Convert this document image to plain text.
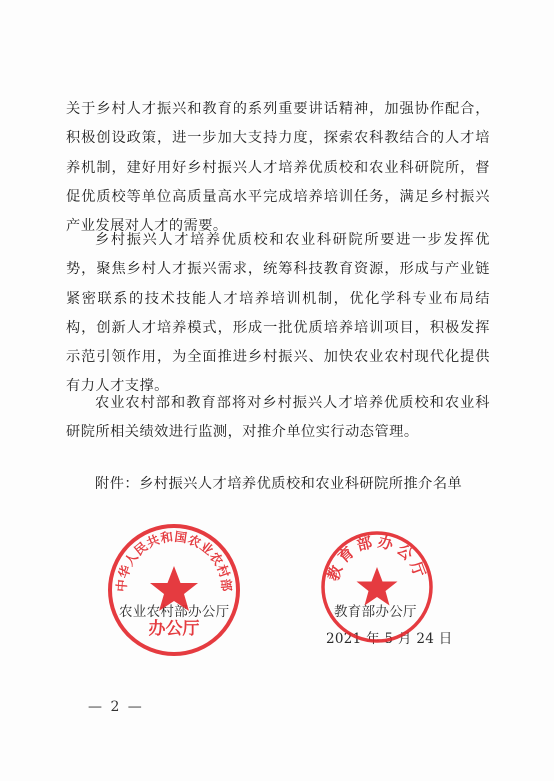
关于乡村人才振兴和教育的系列重要讲话精神，加强协作配合，积极创设政策，进一步加大支持力度，探索农科教结合的人才培养机制，建好用好乡村振兴人才培养优质校和农业科研院所，督促优质校等单位高质量高水平完成培养培训任务，满足乡村振兴产业发展对人才的需要。

乡村振兴人才培养优质校和农业科研院所要进一步发挥优势，聚焦乡村人才振兴需求，统筹科技教育资源，形成与产业链紧密联系的技术技能人才培养培训机制，优化学科专业布局结构，创新人才培养模式，形成一批优质培养培训项目，积极发挥示范引领作用，为全面推进乡村振兴、加快农业农村现代化提供有力人才支撑。

农业农村部和教育部将对乡村振兴人才培养优质校和农业科研院所相关绩效进行监测，对推介单位实行动态管理。

附件：乡村振兴人才培养优质校和农业科研院所推介名单

农业农村部办公厅	教育部办公厅
2021 年 5 月 24 日
中华人民共和国农业农村部
办公厅
教育部办公厅
— 2 —
